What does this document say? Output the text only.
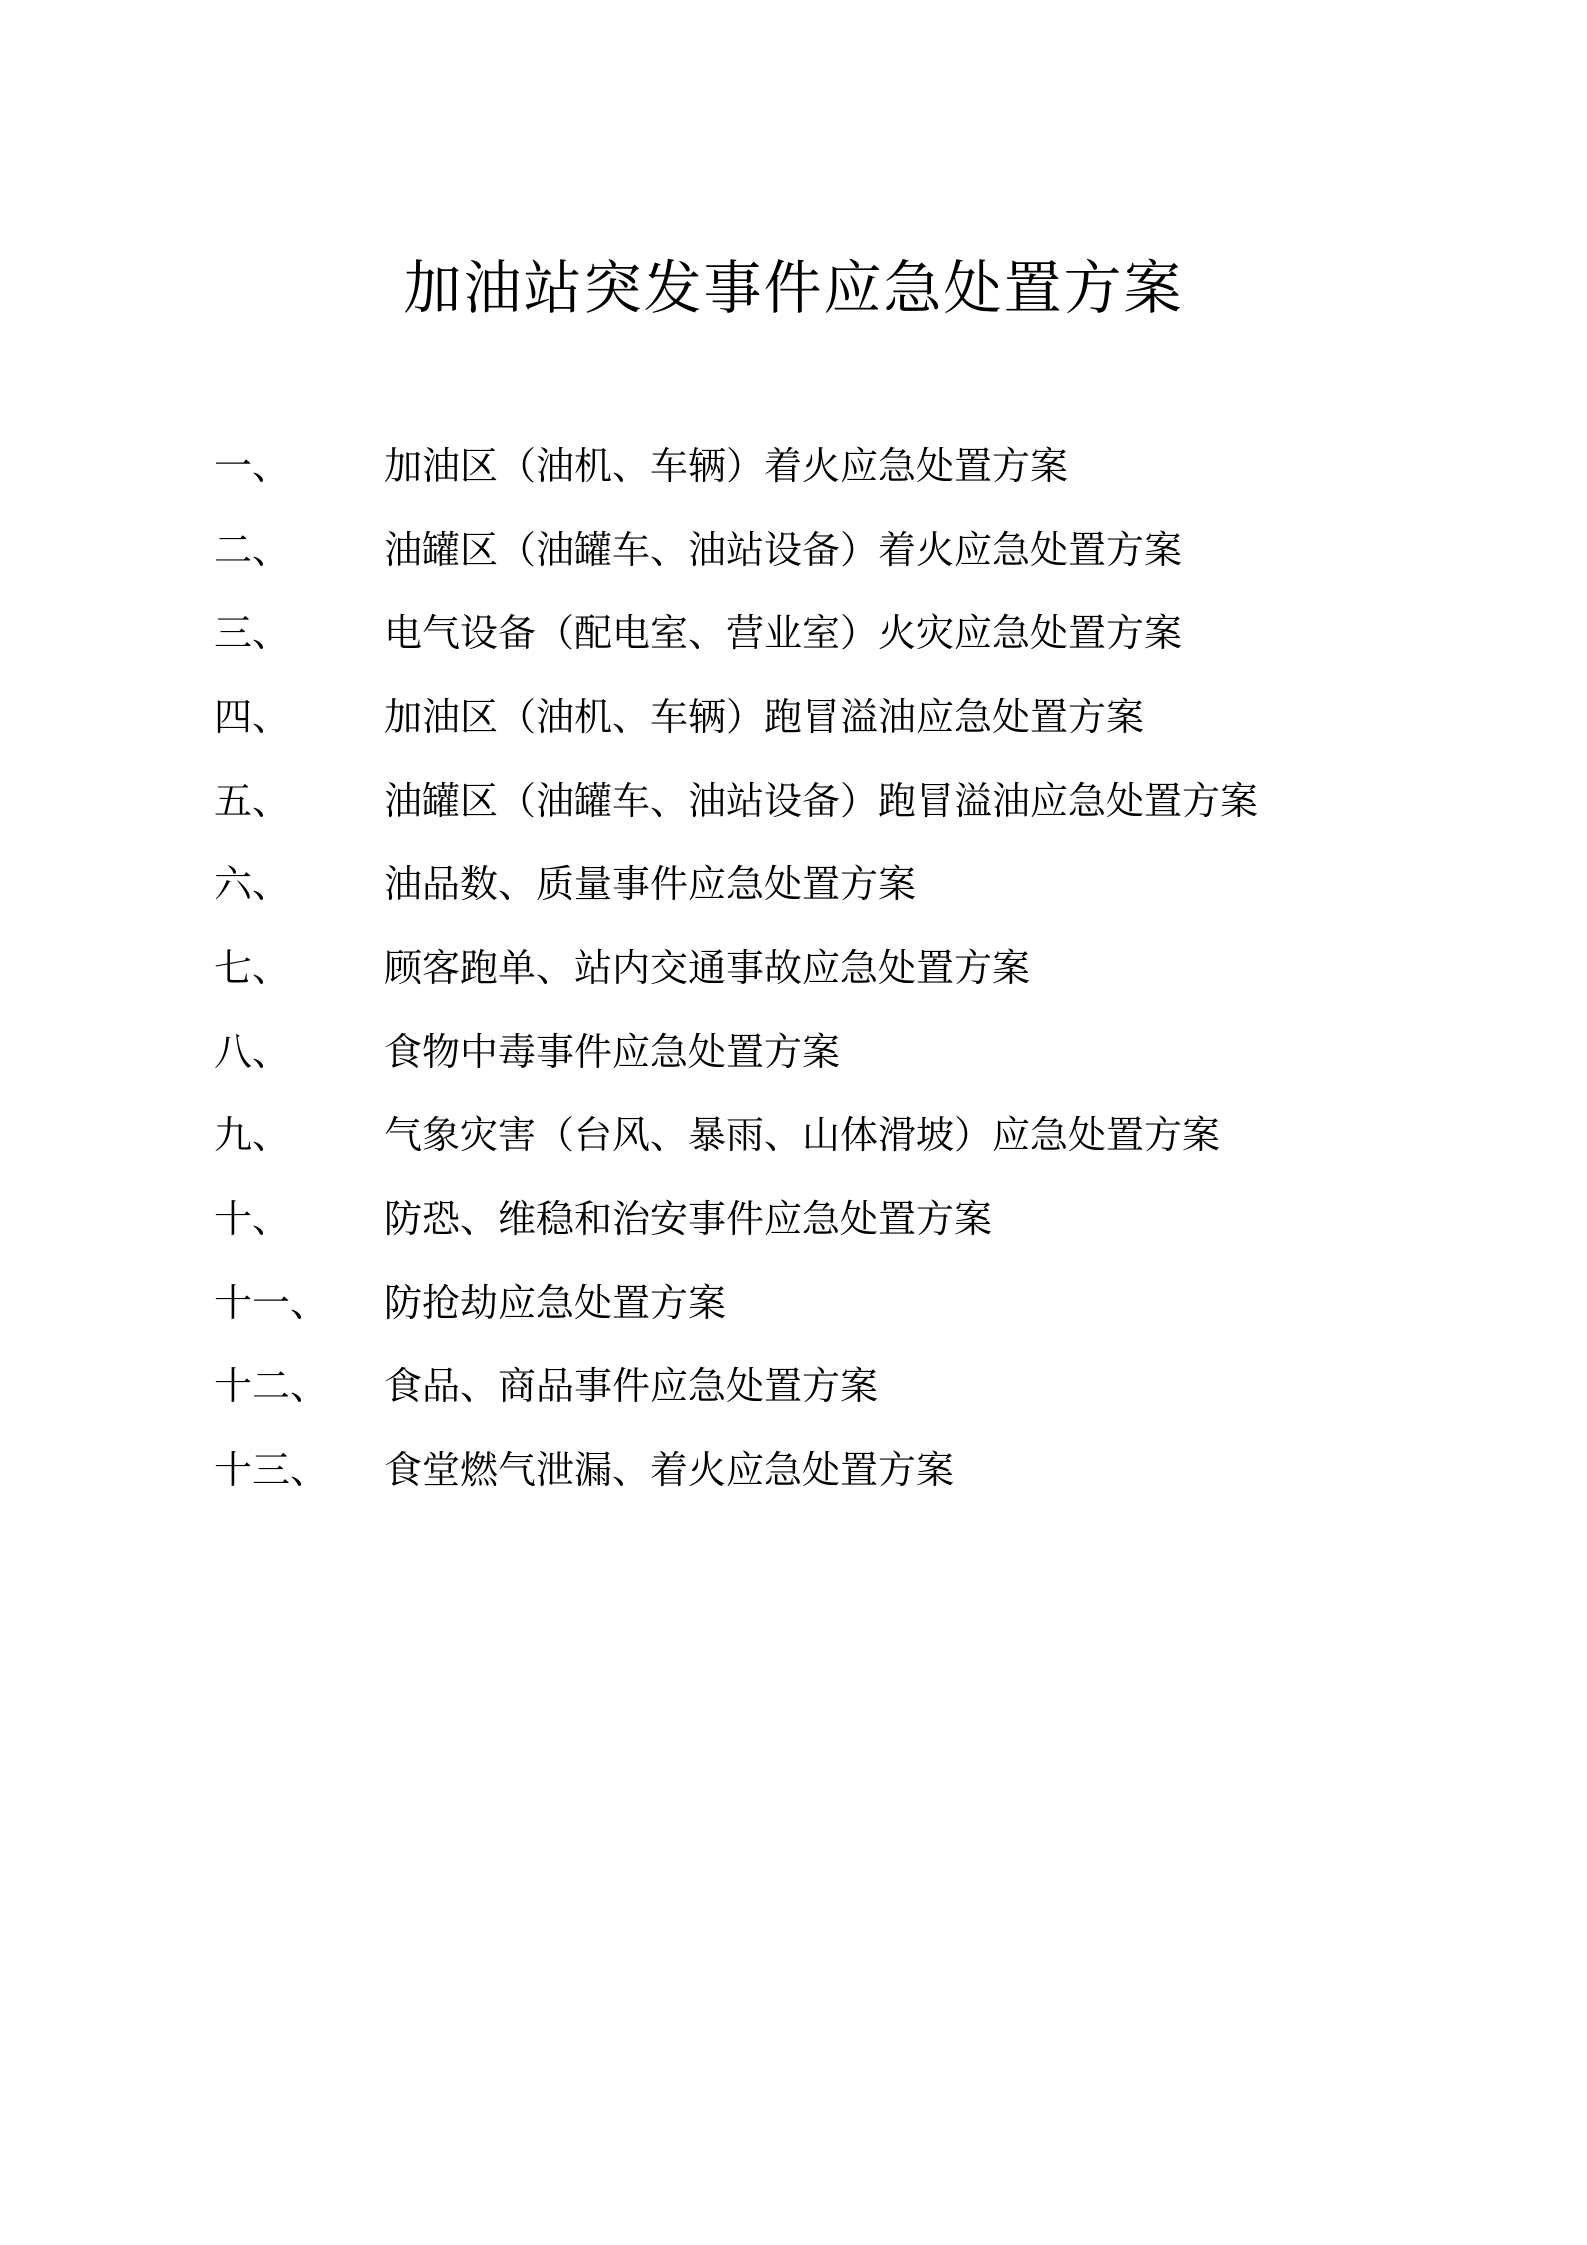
加油站突发事件应急处置方案
一、	加油区（油机、车辆）着火应急处置方案
二、	油罐区（油罐车、油站设备）着火应急处置方案
三、	电气设备（配电室、营业室）火灾应急处置方案
四、	加油区（油机、车辆）跑冒溢油应急处置方案
五、	油罐区（油罐车、油站设备）跑冒溢油应急处置方案
六、	油品数、质量事件应急处置方案
七、	顾客跑单、站内交通事故应急处置方案
八、	食物中毒事件应急处置方案
九、	气象灾害（台风、暴雨、山体滑坡）应急处置方案
十、	防恐、维稳和治安事件应急处置方案
十一、	防抢劫应急处置方案
十二、	食品、商品事件应急处置方案
十三、	食堂燃气泄漏、着火应急处置方案
